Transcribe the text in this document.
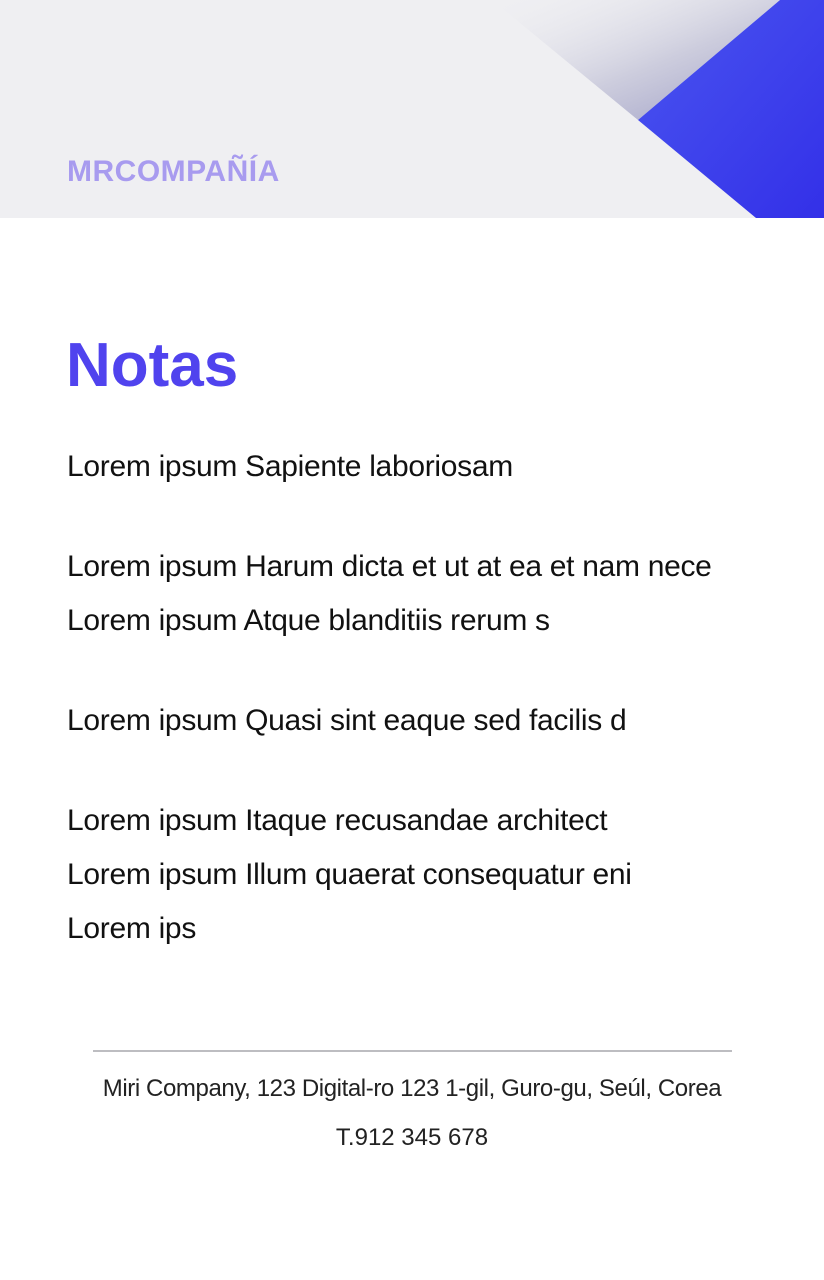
MRCOMPAÑÍA
Notas
Lorem ipsum Sapiente laboriosam
Lorem ipsum Harum dicta et ut at ea et nam nece
Lorem ipsum Atque blanditiis rerum s
Lorem ipsum Quasi sint eaque sed facilis d
Lorem ipsum Itaque recusandae architect
Lorem ipsum Illum quaerat consequatur eni
Lorem ips
Miri Company, 123 Digital-ro 123 1-gil, Guro-gu, Seúl, Corea
T.912 345 678
